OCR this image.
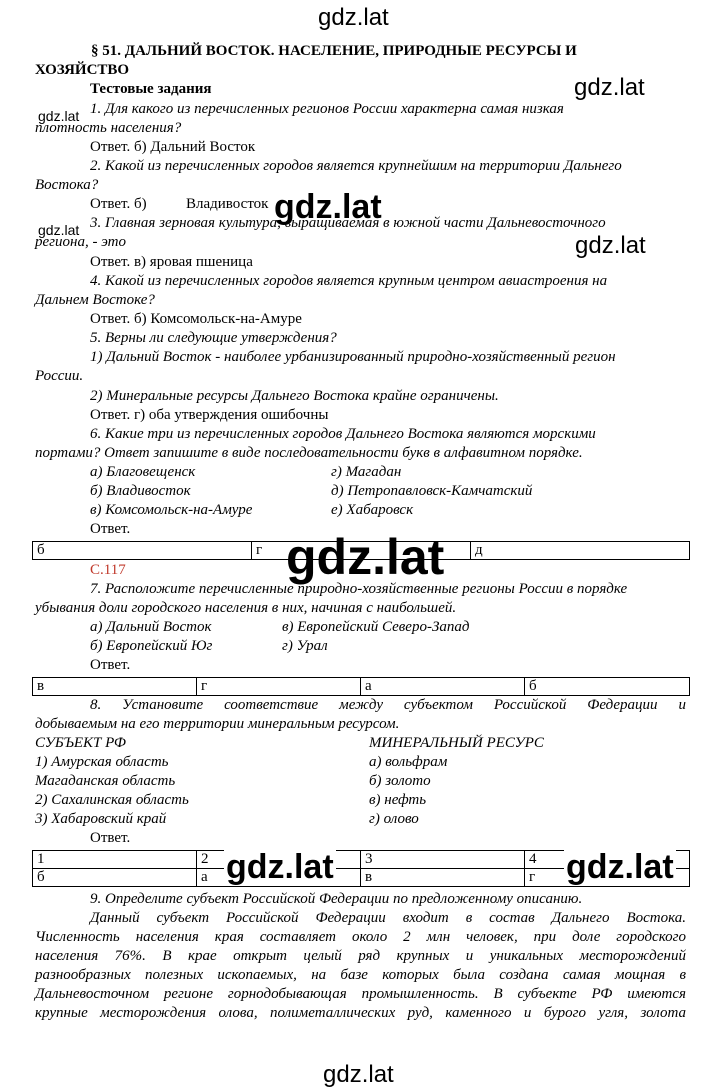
gdz.lat
gdz.lat
gdz.lat
gdz.lat
gdz.lat
gdz.lat
§ 51. ДАЛЬНИЙ ВОСТОК. НАСЕЛЕНИЕ, ПРИРОДНЫЕ РЕСУРСЫ И
ХОЗЯЙСТВО
Тестовые задания
1. Для какого из перечисленных регионов России характерна самая низкая
плотность населения?
Ответ. б) Дальний Восток
2. Какой из перечисленных городов является крупнейшим на территории Дальнего
Востока?
Ответ. б)	Владивосток
3. Главная зерновая культура, выращиваемая в южной части Дальневосточного
региона, - это
Ответ. в) яровая пшеница
4. Какой из перечисленных городов является крупным центром авиастроения на
Дальнем Востоке?
Ответ. б) Комсомольск-на-Амуре
5. Верны ли следующие утверждения?
1) Дальний Восток - наиболее урбанизированный природно-хозяйственный регион
России.
2) Минеральные ресурсы Дальнего Востока крайне ограничены.
Ответ. г) оба утверждения ошибочны
6. Какие три из перечисленных городов Дальнего Востока являются морскими
портами? Ответ запишите в виде последовательности букв в алфавитном порядке.
а) Благовещенск	г) Магадан
б) Владивосток	д) Петропавловск-Камчатский
в) Комсомольск-на-Амуре	е) Хабаровск
Ответ.
б	г	д
gdz.lat
С.117
7. Расположите перечисленные природно-хозяйственные регионы России в порядке
убывания доли городского населения в них, начиная с наибольшей.
а) Дальний Восток	в) Европейский Северо-Запад
б) Европейский Юг	г) Урал
Ответ.
в	г	а	б
8. Установите соответствие между субъектом Российской Федерации и
добываемым на его территории минеральным ресурсом.
СУБЪЕКТ РФ	МИНЕРАЛЬНЫЙ РЕСУРС
1) Амурская область	а) вольфрам
Магаданская область	б) золото
2) Сахалинская область	в) нефть
3) Хабаровский край	г) олово
Ответ.
1	2	3	4
б	а	в	г
gdz.lat	gdz.lat
9. Определите субъект Российской Федерации по предложенному описанию.
Данный субъект Российской Федерации входит в состав Дальнего Востока.
Численность населения края составляет около 2 млн человек, при доле городского
населения 76%. В крае открыт целый ряд крупных и уникальных месторождений
разнообразных полезных ископаемых, на базе которых была создана самая мощная в
Дальневосточном регионе горнодобывающая промышленность. В субъекте РФ имеются
крупные месторождения олова, полиметаллических руд, каменного и бурого угля, золота
gdz.lat
